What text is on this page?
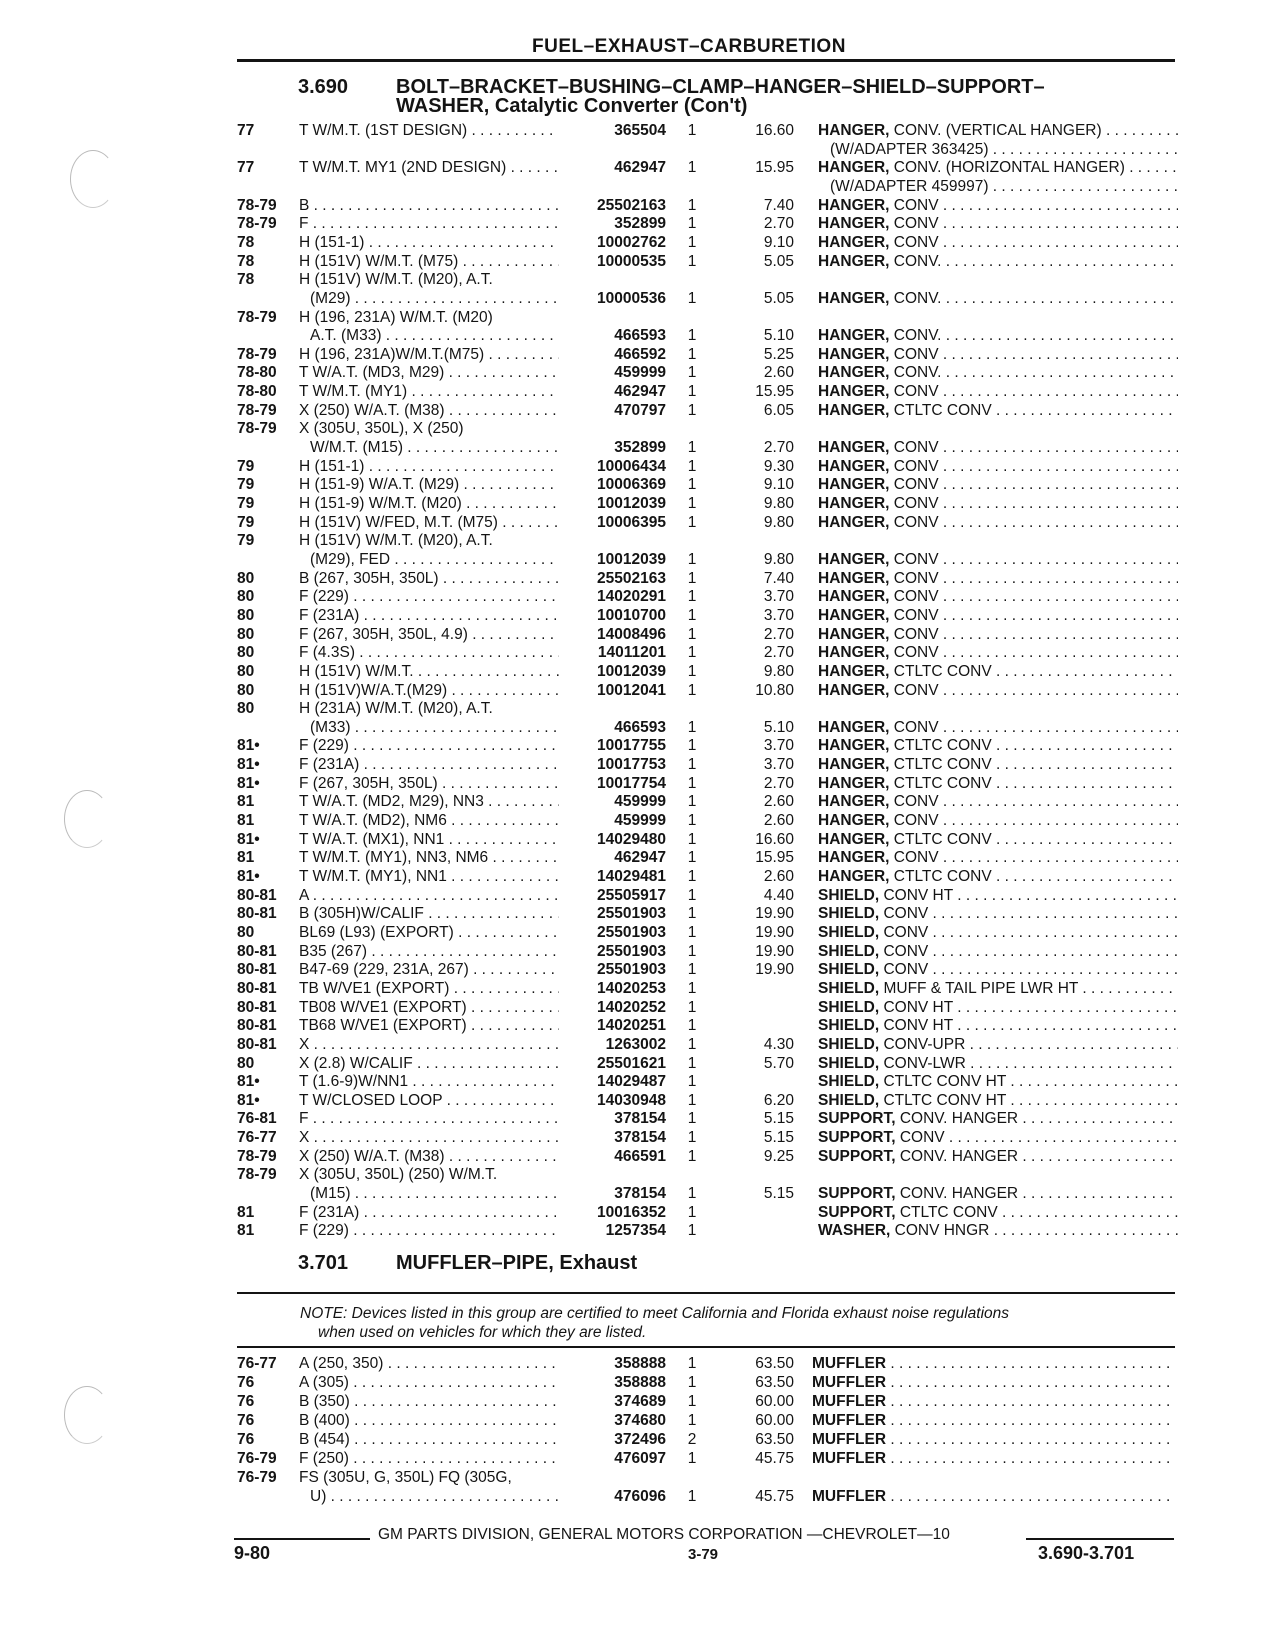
FUEL–EXHAUST–CARBURETION
3.690 BOLT–BRACKET–BUSHING–CLAMP–HANGER–SHIELD–SUPPORT–
WASHER, Catalytic Converter (Con't)
77	T W/M.T. (1ST DESIGN) . . .	365504 1	16.60 HANGER, CONV. (VERTICAL HANGER) . . .
(W/ADAPTER 363425) . . .
77	T W/M.T. MY1 (2ND DESIGN) . . .	462947 1	15.95 HANGER, CONV. (HORIZONTAL HANGER) . . .
(W/ADAPTER 459997) . . .
78-79 B . . .	25502163 1	7.40 HANGER, CONV . . .
78-79 F . . .	352899 1	2.70 HANGER, CONV . . .
78	H (151-1) . . .	10002762 1	9.10 HANGER, CONV . . .
78	H (151V) W/M.T. (M75) . . .	10000535 1	5.05 HANGER, CONV. . . .
78	H (151V) W/M.T. (M20), A.T.
(M29) . . .	10000536 1	5.05 HANGER, CONV. . . .
78-79 H (196, 231A) W/M.T. (M20)
A.T. (M33) . . .	466593 1	5.10 HANGER, CONV. . . .
78-79 H (196, 231A)W/M.T.(M75) . . .	466592 1	5.25 HANGER, CONV . . .
78-80 T W/A.T. (MD3, M29) . . .	459999 1	2.60 HANGER, CONV. . . .
78-80 T W/M.T. (MY1) . . .	462947 1	15.95 HANGER, CONV . . .
78-79 X (250) W/A.T. (M38) . . .	470797 1	6.05 HANGER, CTLTC CONV . . .
78-79 X (305U, 350L), X (250)
W/M.T. (M15) . . .	352899 1	2.70 HANGER, CONV . . .
79	H (151-1) . . .	10006434 1	9.30 HANGER, CONV . . .
79	H (151-9) W/A.T. (M29) . . .	10006369 1	9.10 HANGER, CONV . . .
79	H (151-9) W/M.T. (M20) . . .	10012039 1	9.80 HANGER, CONV . . .
79	H (151V) W/FED, M.T. (M75) . . .	10006395 1	9.80 HANGER, CONV . . .
79	H (151V) W/M.T. (M20), A.T.
(M29), FED . . .	10012039 1	9.80 HANGER, CONV . . .
80	B (267, 305H, 350L) . . .	25502163 1	7.40 HANGER, CONV . . .
80	F (229) . . .	14020291 1	3.70 HANGER, CONV . . .
80	F (231A) . . .	10010700 1	3.70 HANGER, CONV . . .
80	F (267, 305H, 350L, 4.9) . . .	14008496 1	2.70 HANGER, CONV . . .
80	F (4.3S) . . .	14011201 1	2.70 HANGER, CONV . . .
80	H (151V) W/M.T. . . .	10012039 1	9.80 HANGER, CTLTC CONV . . .
80	H (151V)W/A.T.(M29) . . .	10012041 1	10.80 HANGER, CONV . . .
80	H (231A) W/M.T. (M20), A.T.
(M33) . . .	466593 1	5.10 HANGER, CONV . . .
81•	F (229) . . .	10017755 1	3.70 HANGER, CTLTC CONV . . .
81•	F (231A) . . .	10017753 1	3.70 HANGER, CTLTC CONV . . .
81•	F (267, 305H, 350L) . . .	10017754 1	2.70 HANGER, CTLTC CONV . . .
81	T W/A.T. (MD2, M29), NN3 . . .	459999 1	2.60 HANGER, CONV . . .
81	T W/A.T. (MD2), NM6 . . .	459999 1	2.60 HANGER, CONV . . .
81•	T W/A.T. (MX1), NN1 . . .	14029480 1	16.60 HANGER, CTLTC CONV . . .
81	T W/M.T. (MY1), NN3, NM6 . . .	462947 1	15.95 HANGER, CONV . . .
81•	T W/M.T. (MY1), NN1 . . .	14029481 1	2.60 HANGER, CTLTC CONV . . .
80-81 A . . .	25505917 1	4.40 SHIELD, CONV HT . . .
80-81 B (305H)W/CALIF . . .	25501903 1	19.90 SHIELD, CONV . . .
80	BL69 (L93) (EXPORT) . . .	25501903 1	19.90 SHIELD, CONV . . .
80-81 B35 (267) . . .	25501903 1	19.90 SHIELD, CONV . . .
80-81 B47-69 (229, 231A, 267) . . .	25501903 1	19.90 SHIELD, CONV . . .
80-81 TB W/VE1 (EXPORT) . . .	14020253 1	SHIELD, MUFF & TAIL PIPE LWR HT . . .
80-81 TB08 W/VE1 (EXPORT) . . .	14020252 1	SHIELD, CONV HT . . .
80-81 TB68 W/VE1 (EXPORT) . . .	14020251 1	SHIELD, CONV HT . . .
80-81 X . . .	1263002 1	4.30 SHIELD, CONV-UPR . . .
80	X (2.8) W/CALIF . . .	25501621 1	5.70 SHIELD, CONV-LWR . . .
81•	T (1.6-9)W/NN1 . . .	14029487 1	SHIELD, CTLTC CONV HT . . .
81•	T W/CLOSED LOOP . . .	14030948 1	6.20 SHIELD, CTLTC CONV HT . . .
76-81 F . . .	378154 1	5.15 SUPPORT, CONV. HANGER . . .
76-77 X . . .	378154 1	5.15 SUPPORT, CONV . . .
78-79 X (250) W/A.T. (M38) . . .	466591 1	9.25 SUPPORT, CONV. HANGER . . .
78-79 X (305U, 350L) (250) W/M.T.
(M15) . . .	378154 1	5.15 SUPPORT, CONV. HANGER . . .
81	F (231A) . . .	10016352 1	SUPPORT, CTLTC CONV . . .
81	F (229) . . .	1257354 1	WASHER, CONV HNGR . . .
3.701 MUFFLER–PIPE, Exhaust
NOTE: Devices listed in this group are certified to meet California and Florida exhaust noise regulations
when used on vehicles for which they are listed.
76-77 A (250, 350) . . .	358888 1	63.50 MUFFLER . . .
76	A (305) . . .	358888 1	63.50 MUFFLER . . .
76	B (350) . . .	374689 1	60.00 MUFFLER . . .
76	B (400) . . .	374680 1	60.00 MUFFLER . . .
76	B (454) . . .	372496 2	63.50 MUFFLER . . .
76-79 F (250) . . .	476097 1	45.75 MUFFLER . . .
76-79 FS (305U, G, 350L) FQ (305G,
U) . . .	476096 1	45.75 MUFFLER . . .
GM PARTS DIVISION, GENERAL MOTORS CORPORATION —CHEVROLET—10
9-80	3-79	3.690-3.701
